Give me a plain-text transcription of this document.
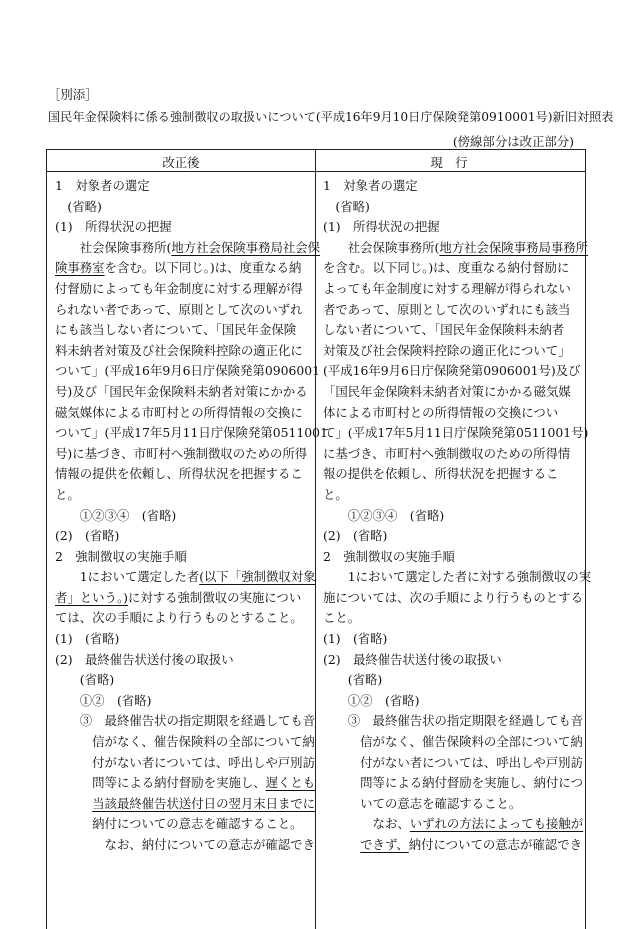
［別添］
国民年金保険料に係る強制徴収の取扱いについて(平成16年9月10日庁保険発第0910001号)新旧対照表
(傍線部分は改正部分)
改正後	現　行
1　対象者の選定
　(省略)
(1)　所得状況の把握
　　社会保険事務所(地方社会保険事務局社会保
険事務室を含む。以下同じ。)は、度重なる納
付督励によっても年金制度に対する理解が得
られない者であって、原則として次のいずれ
にも該当しない者について、「国民年金保険
料未納者対策及び社会保険料控除の適正化に
ついて」(平成16年9月6日庁保険発第0906001
号)及び「国民年金保険料未納者対策にかかる
磁気媒体による市町村との所得情報の交換に
ついて」(平成17年5月11日庁保険発第0511001
号)に基づき、市町村へ強制徴収のための所得
情報の提供を依頼し、所得状況を把握するこ
と。
　　①②③④　(省略)
(2)　(省略)
2　強制徴収の実施手順
　　1において選定した者(以下「強制徴収対象
者」という。)に対する強制徴収の実施につい
ては、次の手順により行うものとすること。
(1)　(省略)
(2)　最終催告状送付後の取扱い
　　(省略)
　　①②　(省略)
　　③　最終催告状の指定期限を経過しても音
　　　信がなく、催告保険料の全部について納
　　　付がない者については、呼出しや戸別訪
　　　問等による納付督励を実施し、遅くとも
　　　当該最終催告状送付日の翌月末日までに
　　　納付についての意志を確認すること。
　　　　なお、納付についての意志が確認でき
1　対象者の選定
　(省略)
(1)　所得状況の把握
　　社会保険事務所(地方社会保険事務局事務所
を含む。以下同じ。)は、度重なる納付督励に
よっても年金制度に対する理解が得られない
者であって、原則として次のいずれにも該当
しない者について、「国民年金保険料未納者
対策及び社会保険料控除の適正化について」
(平成16年9月6日庁保険発第0906001号)及び
「国民年金保険料未納者対策にかかる磁気媒
体による市町村との所得情報の交換につい
て」(平成17年5月11日庁保険発第0511001号)
に基づき、市町村へ強制徴収のための所得情
報の提供を依頼し、所得状況を把握するこ
と。
　　①②③④　(省略)
(2)　(省略)
2　強制徴収の実施手順
　　1において選定した者に対する強制徴収の実
施については、次の手順により行うものとする
こと。
(1)　(省略)
(2)　最終催告状送付後の取扱い
　　(省略)
　　①②　(省略)
　　③　最終催告状の指定期限を経過しても音
　　　信がなく、催告保険料の全部について納
　　　付がない者については、呼出しや戸別訪
　　　問等による納付督励を実施し、納付につ
　　　いての意志を確認すること。
　　　　なお、いずれの方法によっても接触が
　　　できず、納付についての意志が確認でき
